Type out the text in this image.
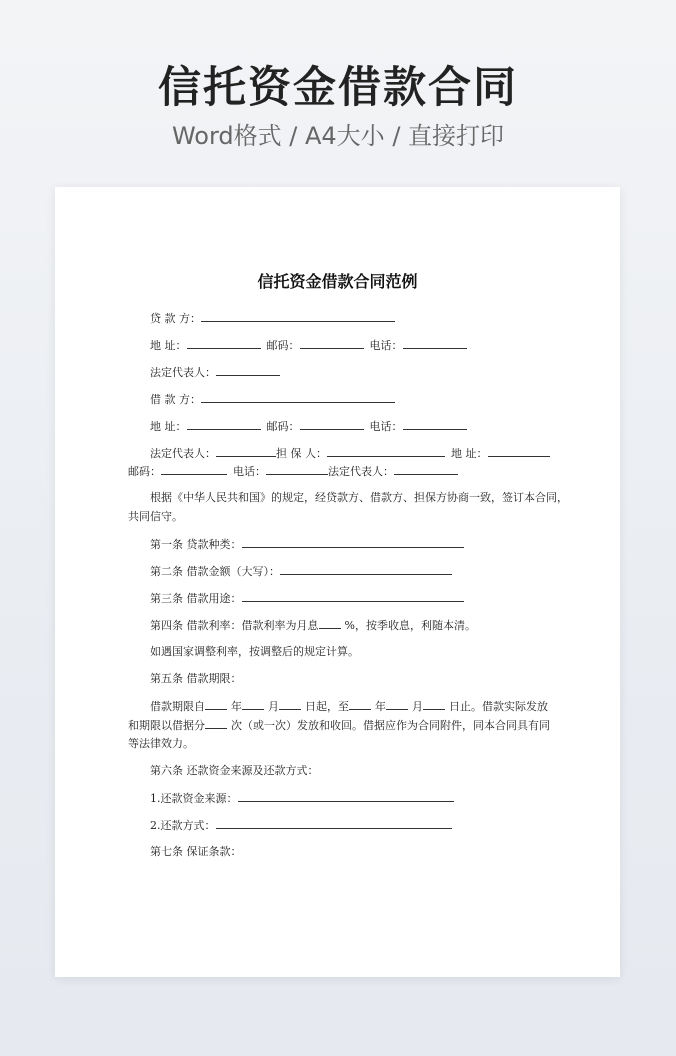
信托资金借款合同
Word格式 / A4大小 / 直接打印
信托资金借款合同范例
贷 款 方：
地 址：	邮码：	电话：
法定代表人：
借 款 方：
地 址：	邮码：	电话：
法定代表人：	担 保 人：	地 址：
邮码：	电话：	法定代表人：
根据《中华人民共和国》的规定，经贷款方、借款方、担保方协商一致，签订本合同，
共同信守。
第一条 贷款种类：
第二条 借款金额（大写）：
第三条 借款用途：
第四条 借款利率：借款利率为月息 %，按季收息，利随本清。
如遇国家调整利率，按调整后的规定计算。
第五条 借款期限：
借款期限自 年 月 日起，至 年 月 日止。借款实际发放
和期限以借据分 次（或一次）发放和收回。借据应作为合同附件，同本合同具有同
等法律效力。
第六条 还款资金来源及还款方式：
1.还款资金来源：
2.还款方式：
第七条 保证条款：
